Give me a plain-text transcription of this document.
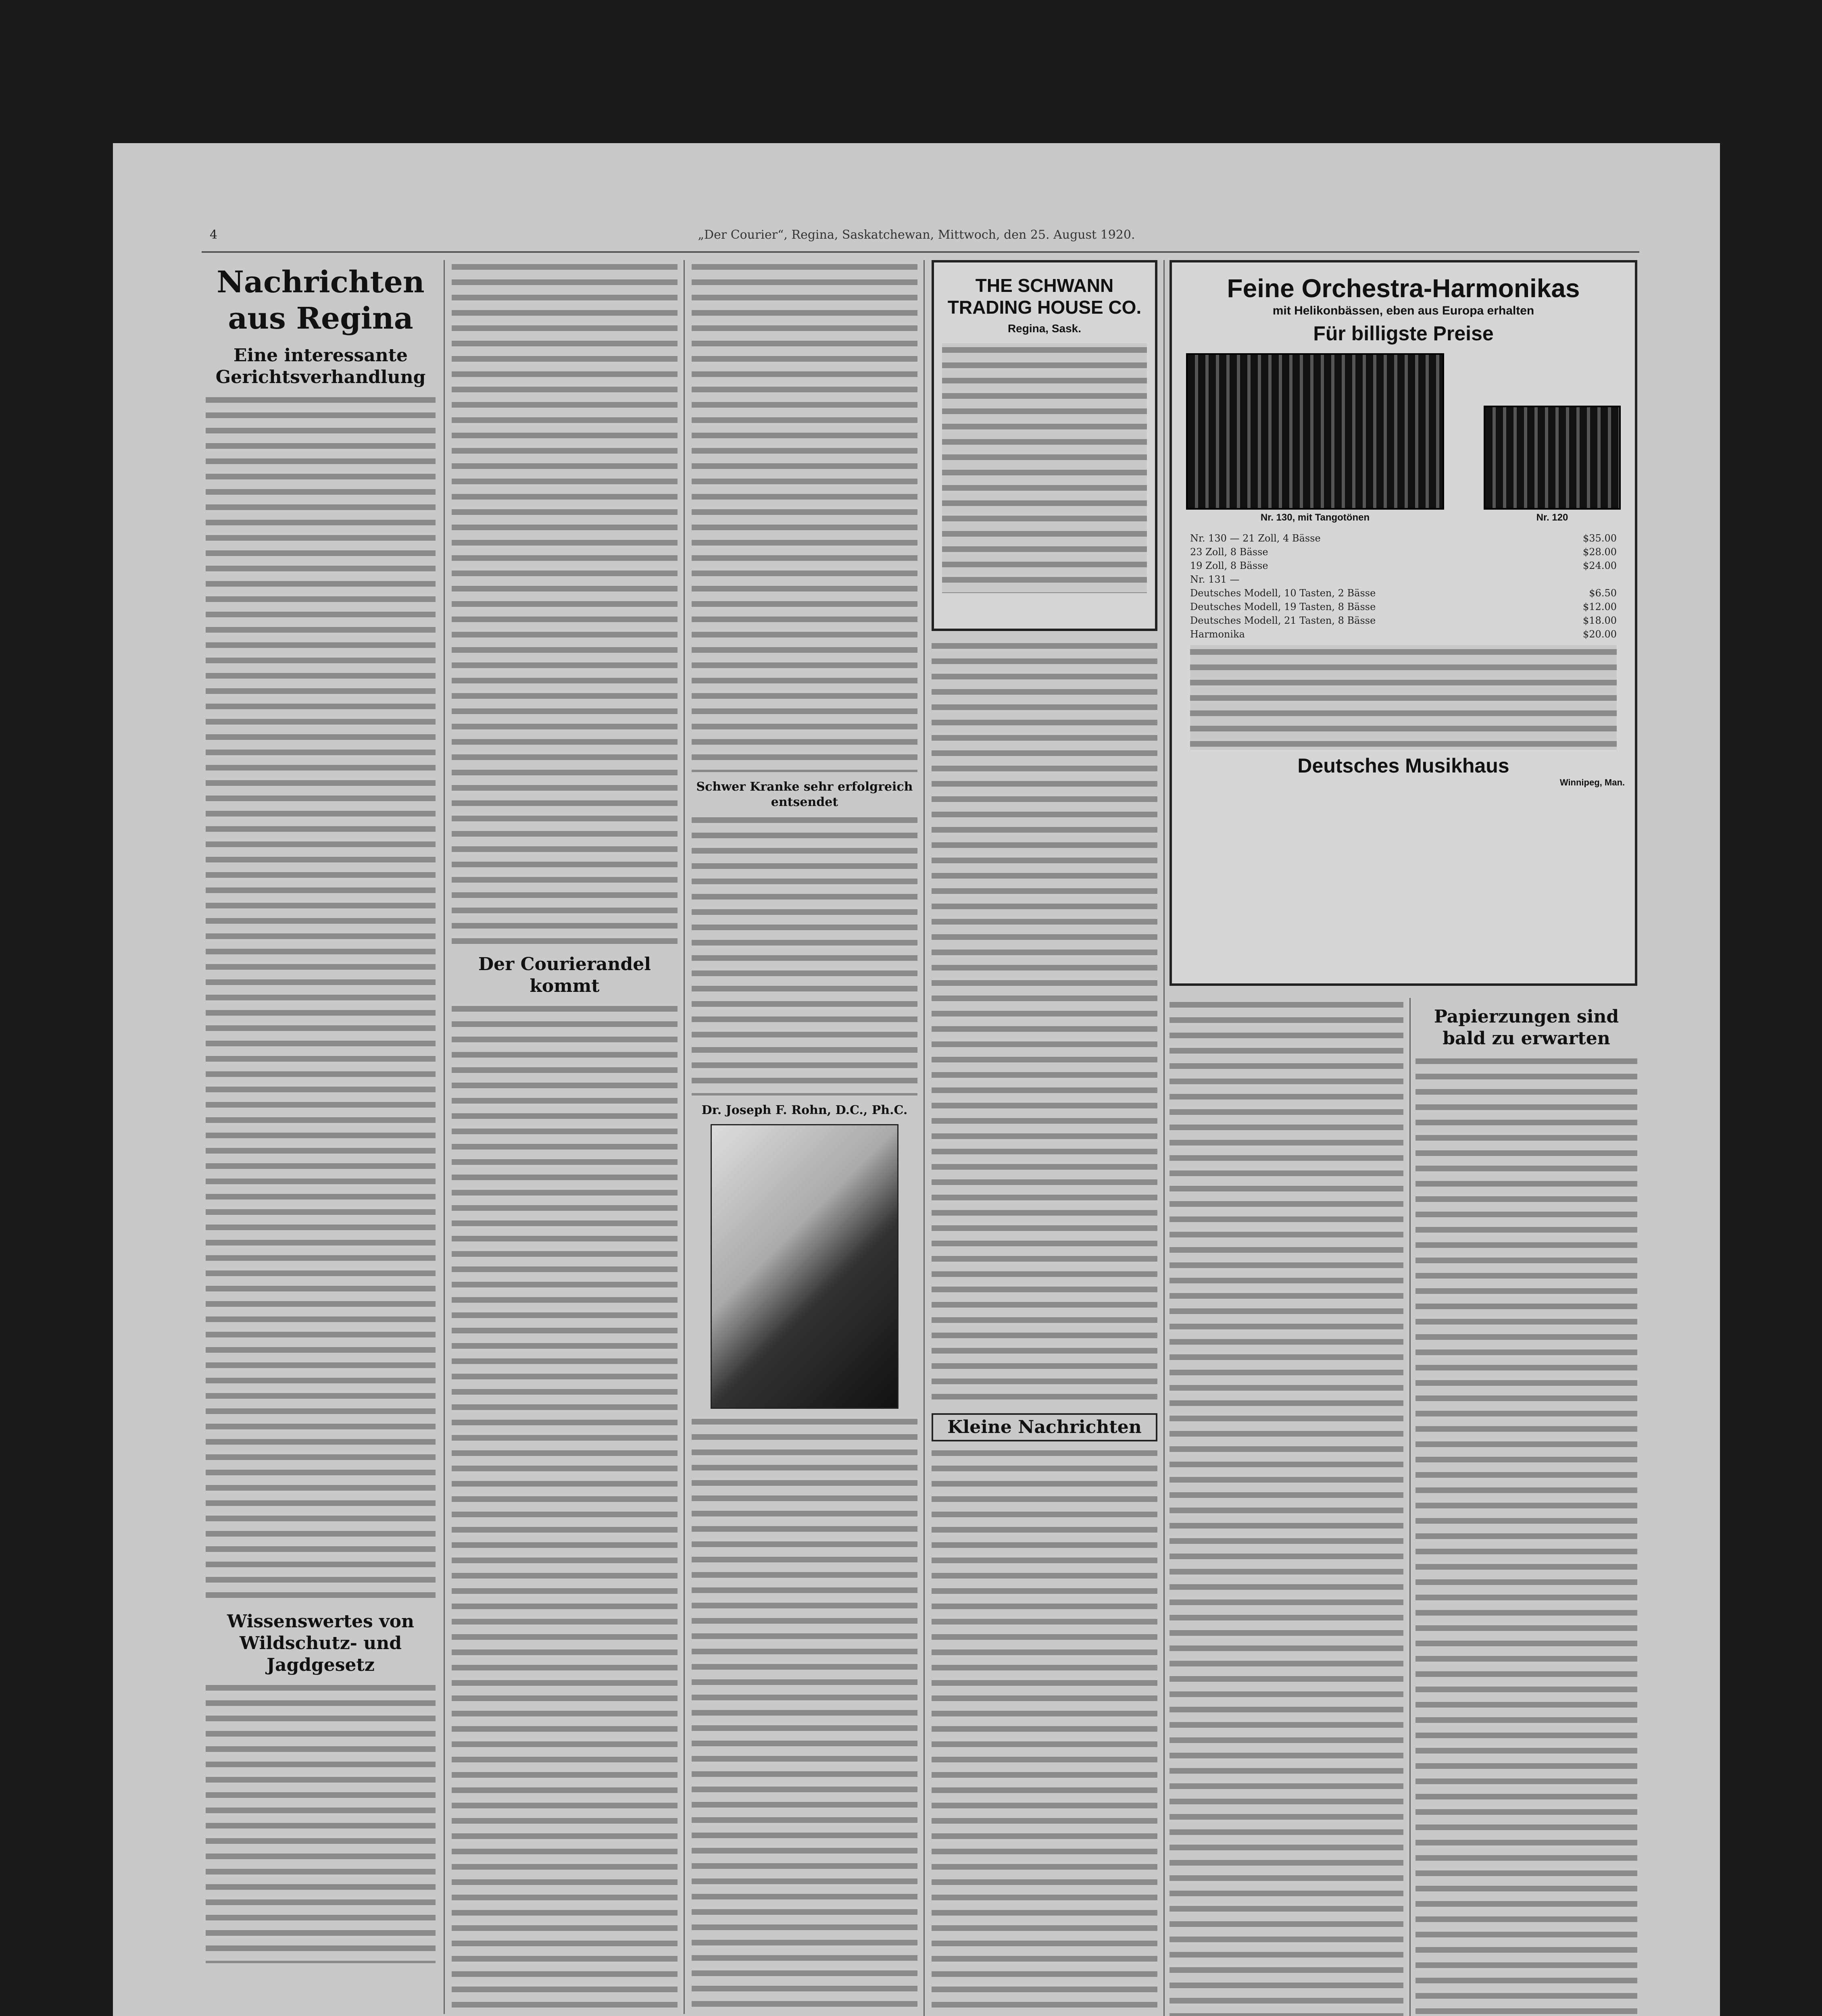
4	„Der Courier“, Regina, Saskatchewan, Mittwoch, den 25. August 1920.
Nachrichten aus Regina
Eine interessante Gerichtsverhandlung
Wissenswertes von Wildschutz- und Jagdgesetz
Der Courierandel kommt
Schwer Kranke sehr erfolgreich entsendet
Dr. Joseph F. Rohn, D.C., Ph.C.
THE SCHWANN TRADING HOUSE CO.
Regina, Sask.
Kleine Nachrichten
Feine Orchestra-Harmonikas
mit Helikonbässen, eben aus Europa erhalten
Für billigste Preise
Nr. 130, mit Tangotönen	Nr. 120
Nr. 130 — 21 Zoll, 4 Bässe	$35.00
23 Zoll, 8 Bässe	$28.00
19 Zoll, 8 Bässe	$24.00
Nr. 131 —
Deutsches Modell, 10 Tasten, 2 Bässe	$6.50
Deutsches Modell, 19 Tasten, 8 Bässe	$12.00
Deutsches Modell, 21 Tasten, 8 Bässe	$18.00
Harmonika	$20.00
Deutsches Musikhaus
Winnipeg, Man.
Papierzungen sind bald zu erwarten
